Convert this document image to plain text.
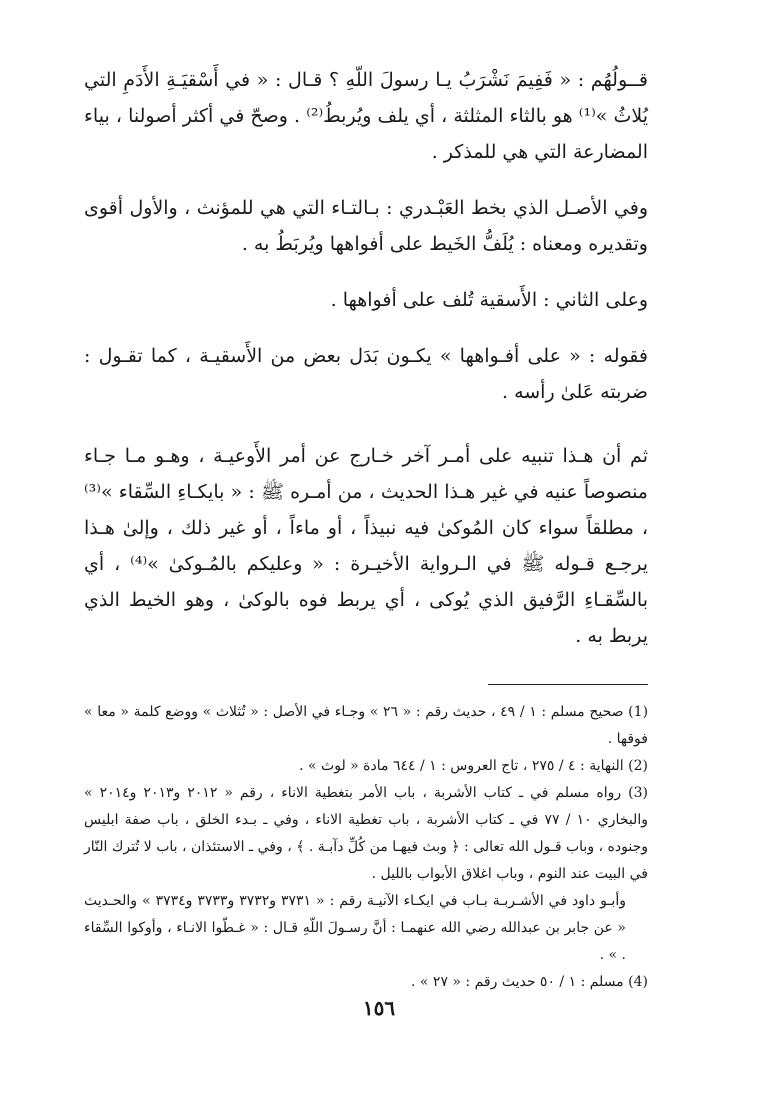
قــولُهُم : « فَفِيمَ نَشْرَبُ يـا رسولَ اللّهِ ؟ قـال : « في أَسْقيَـةِ الأَدَمِ التي يُلاثُ »⁽¹⁾ هو بالثاء المثلثة ، أي يلف ويُربطُ⁽²⁾ . وصحّ في أكثر أصولنا ، بياء المضارعة التي هي للمذكر .

وفي الأصـل الذي بخط العَبْـدري : بـالتـاء التي هي للمؤنث ، والأول أقوى وتقديره ومعناه : يُلَفُّ الخَيط على أفواهها ويُربَطُ به .

وعلى الثاني : الأَسقية تُلف على أفواهها .

فقوله : « على أفـواهها » يكـون بَدَل بعض من الأَسقيـة ، كما تقـول : ضربته عَلىٰ رأسه .

ثم أن هـذا تنبيه على أمـر آخر خـارج عن أمر الأَوعيـة ، وهـو مـا جـاء منصوصاً عنيه في غير هـذا الحديث ، من أمـره ﷺ : « بايكـاءِ السِّقاء »⁽³⁾ ، مطلقاً سواء كان المُوكىٰ فيه نبيذاً ، أو ماءاً ، أو غير ذلك ، وإلىٰ هـذا يرجـع قـوله ﷺ في الـرواية الأخيـرة : « وعليكم بالمُـوكىٰ »⁽⁴⁾ ، أي بالسِّقـاءِ الرَّفيق الذي يُوكى ، أي يربط فوه بالوكىٰ ، وهو الخيط الذي يربط به .

(1) صحيح مسلم : ١ / ٤٩ ، حديث رقم : « ٢٦ » وجـاء في الأصل : « تُثلاث » ووضع كلمة « معا » فوقها .

(2) النهاية : ٤ / ٢٧٥ ، تاج العروس : ١ / ٦٤٤ مادة « لوث » .

(3) رواه مسلم في ـ كتاب الأشربة ، باب الأمر بتغطية الاناء ، رقم « ٢٠١٢ و٢٠١٣ و٢٠١٤ » والبخاري ١٠ / ٧٧ في ـ كتاب الأشربة ، باب تغطية الاناء ، وفي ـ بـدء الخلق ، باب صفة ابليس وجنوده ، وباب قـول الله تعالى : ﴿ وبث فيهـا من كُلِّ دآبـة . ﴾ ، وفي ـ الاستئذان ، باب لا تُترك النّار في البيت عند النوم ، وباب اغلاق الأبواب بالليل .

وأبـو داود في الأشـربـة بـاب في ايكـاء الآنيـة رقم : « ٣٧٣١ و٣٧٣٢ و٣٧٣٣ و٣٧٣٤ » والحـديث « عن جابر بن عبدالله رضي الله عنهمـا : أنَّ رسـولَ اللّهِ قـال : « غـطّوا الانـاء ، وأوكوا السِّقاء . » .

(4) مسلم : ١ / ٥٠ حديث رقم : « ٢٧ » .

١٥٦
